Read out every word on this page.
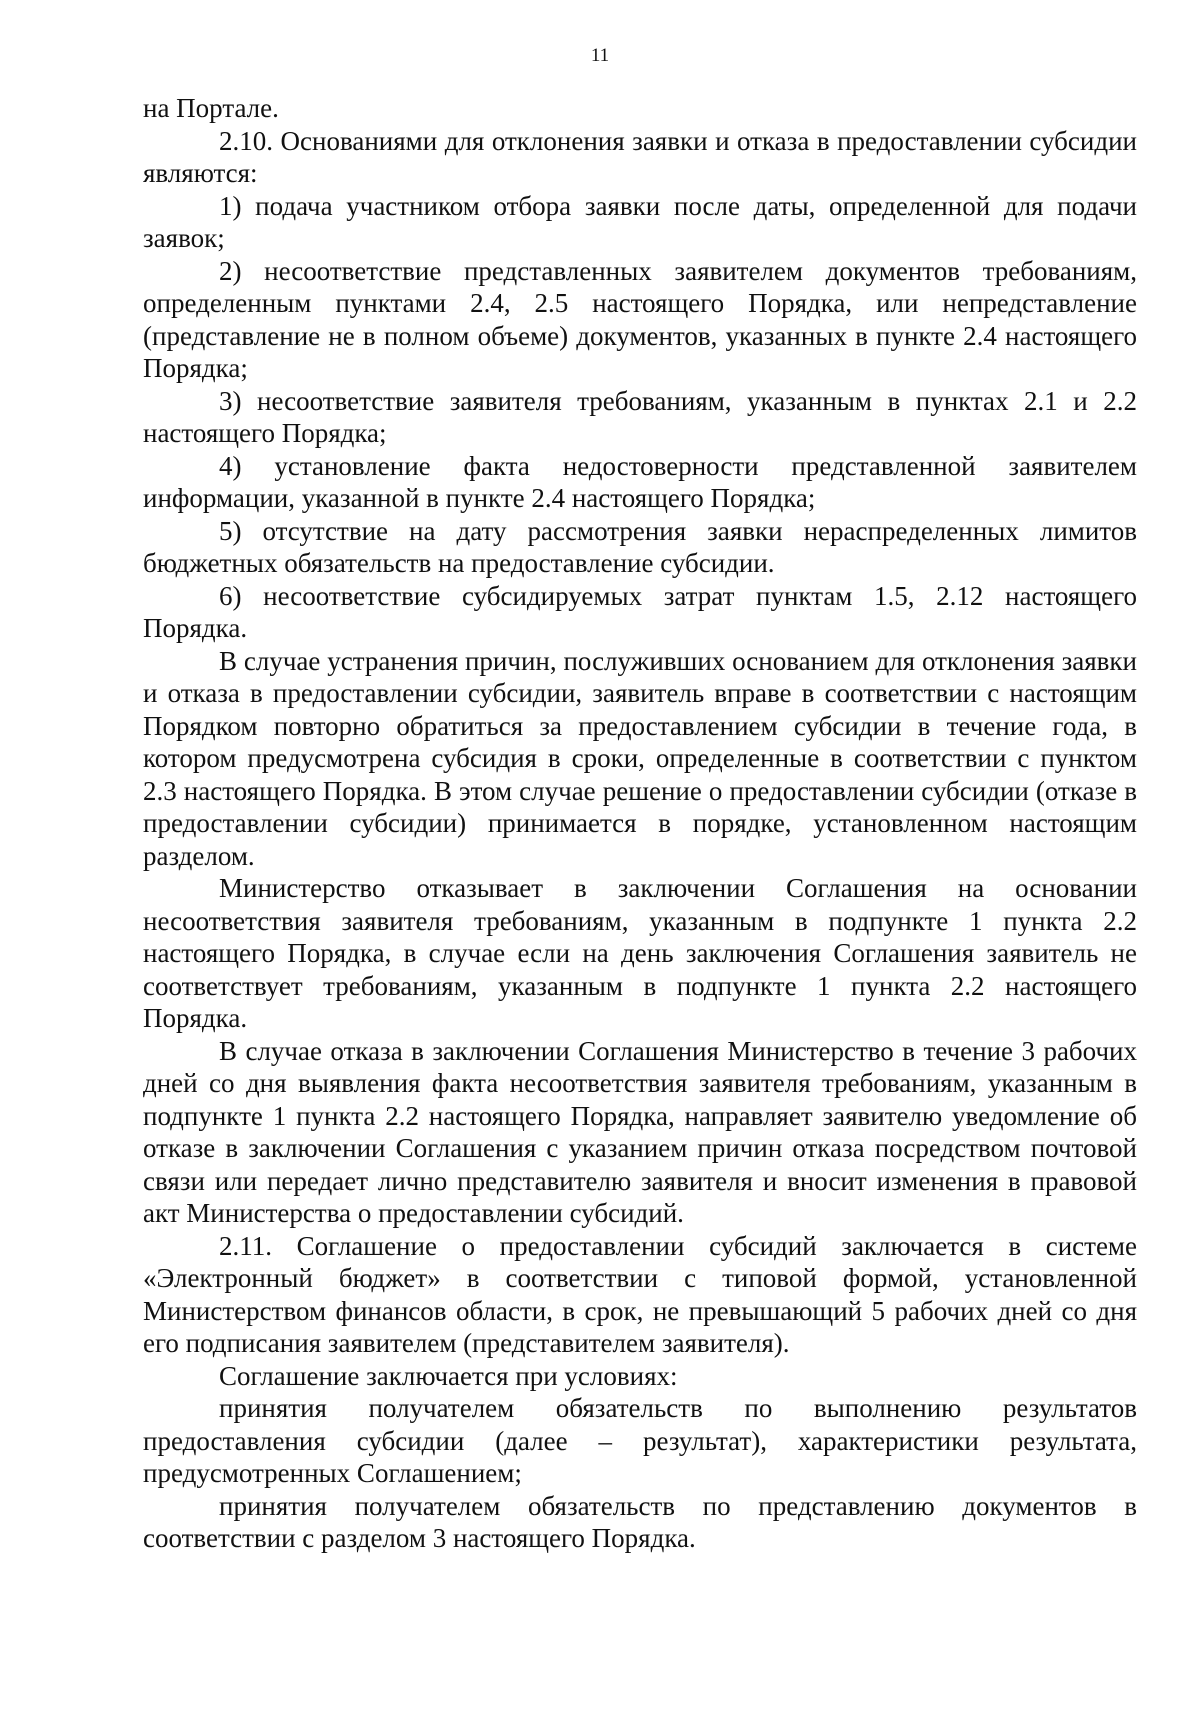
11

на Портале.

2.10. Основаниями для отклонения заявки и отказа в предоставлении субсидии являются:

1) подача участником отбора заявки после даты, определенной для подачи заявок;

2) несоответствие представленных заявителем документов требованиям, определенным пунктами 2.4, 2.5 настоящего Порядка, или непредставление (представление не в полном объеме) документов, указанных в пункте 2.4 настоящего Порядка;

3) несоответствие заявителя требованиям, указанным в пунктах 2.1 и 2.2 настоящего Порядка;

4) установление факта недостоверности представленной заявителем информации, указанной в пункте 2.4 настоящего Порядка;

5) отсутствие на дату рассмотрения заявки нераспределенных лимитов бюджетных обязательств на предоставление субсидии.

6) несоответствие субсидируемых затрат пунктам 1.5, 2.12 настоящего Порядка.

В случае устранения причин, послуживших основанием для отклонения заявки и отказа в предоставлении субсидии, заявитель вправе в соответствии с настоящим Порядком повторно обратиться за предоставлением субсидии в течение года, в котором предусмотрена субсидия в сроки, определенные в соответствии с пунктом 2.3 настоящего Порядка. В этом случае решение о предоставлении субсидии (отказе в предоставлении субсидии) принимается в порядке, установленном настоящим разделом.

Министерство отказывает в заключении Соглашения на основании несоответствия заявителя требованиям, указанным в подпункте 1 пункта 2.2 настоящего Порядка, в случае если на день заключения Соглашения заявитель не соответствует требованиям, указанным в подпункте 1 пункта 2.2 настоящего Порядка.

В случае отказа в заключении Соглашения Министерство в течение 3 рабочих дней со дня выявления факта несоответствия заявителя требованиям, указанным в подпункте 1 пункта 2.2 настоящего Порядка, направляет заявителю уведомление об отказе в заключении Соглашения с указанием причин отказа посредством почтовой связи или передает лично представителю заявителя и вносит изменения в правовой акт Министерства о предоставлении субсидий.

2.11. Соглашение о предоставлении субсидий заключается в системе «Электронный бюджет» в соответствии с типовой формой, установленной Министерством финансов области, в срок, не превышающий 5 рабочих дней со дня его подписания заявителем (представителем заявителя).

Соглашение заключается при условиях:

принятия получателем обязательств по выполнению результатов предоставления субсидии (далее – результат), характеристики результата, предусмотренных Соглашением;

принятия получателем обязательств по представлению документов в соответствии с разделом 3 настоящего Порядка.
